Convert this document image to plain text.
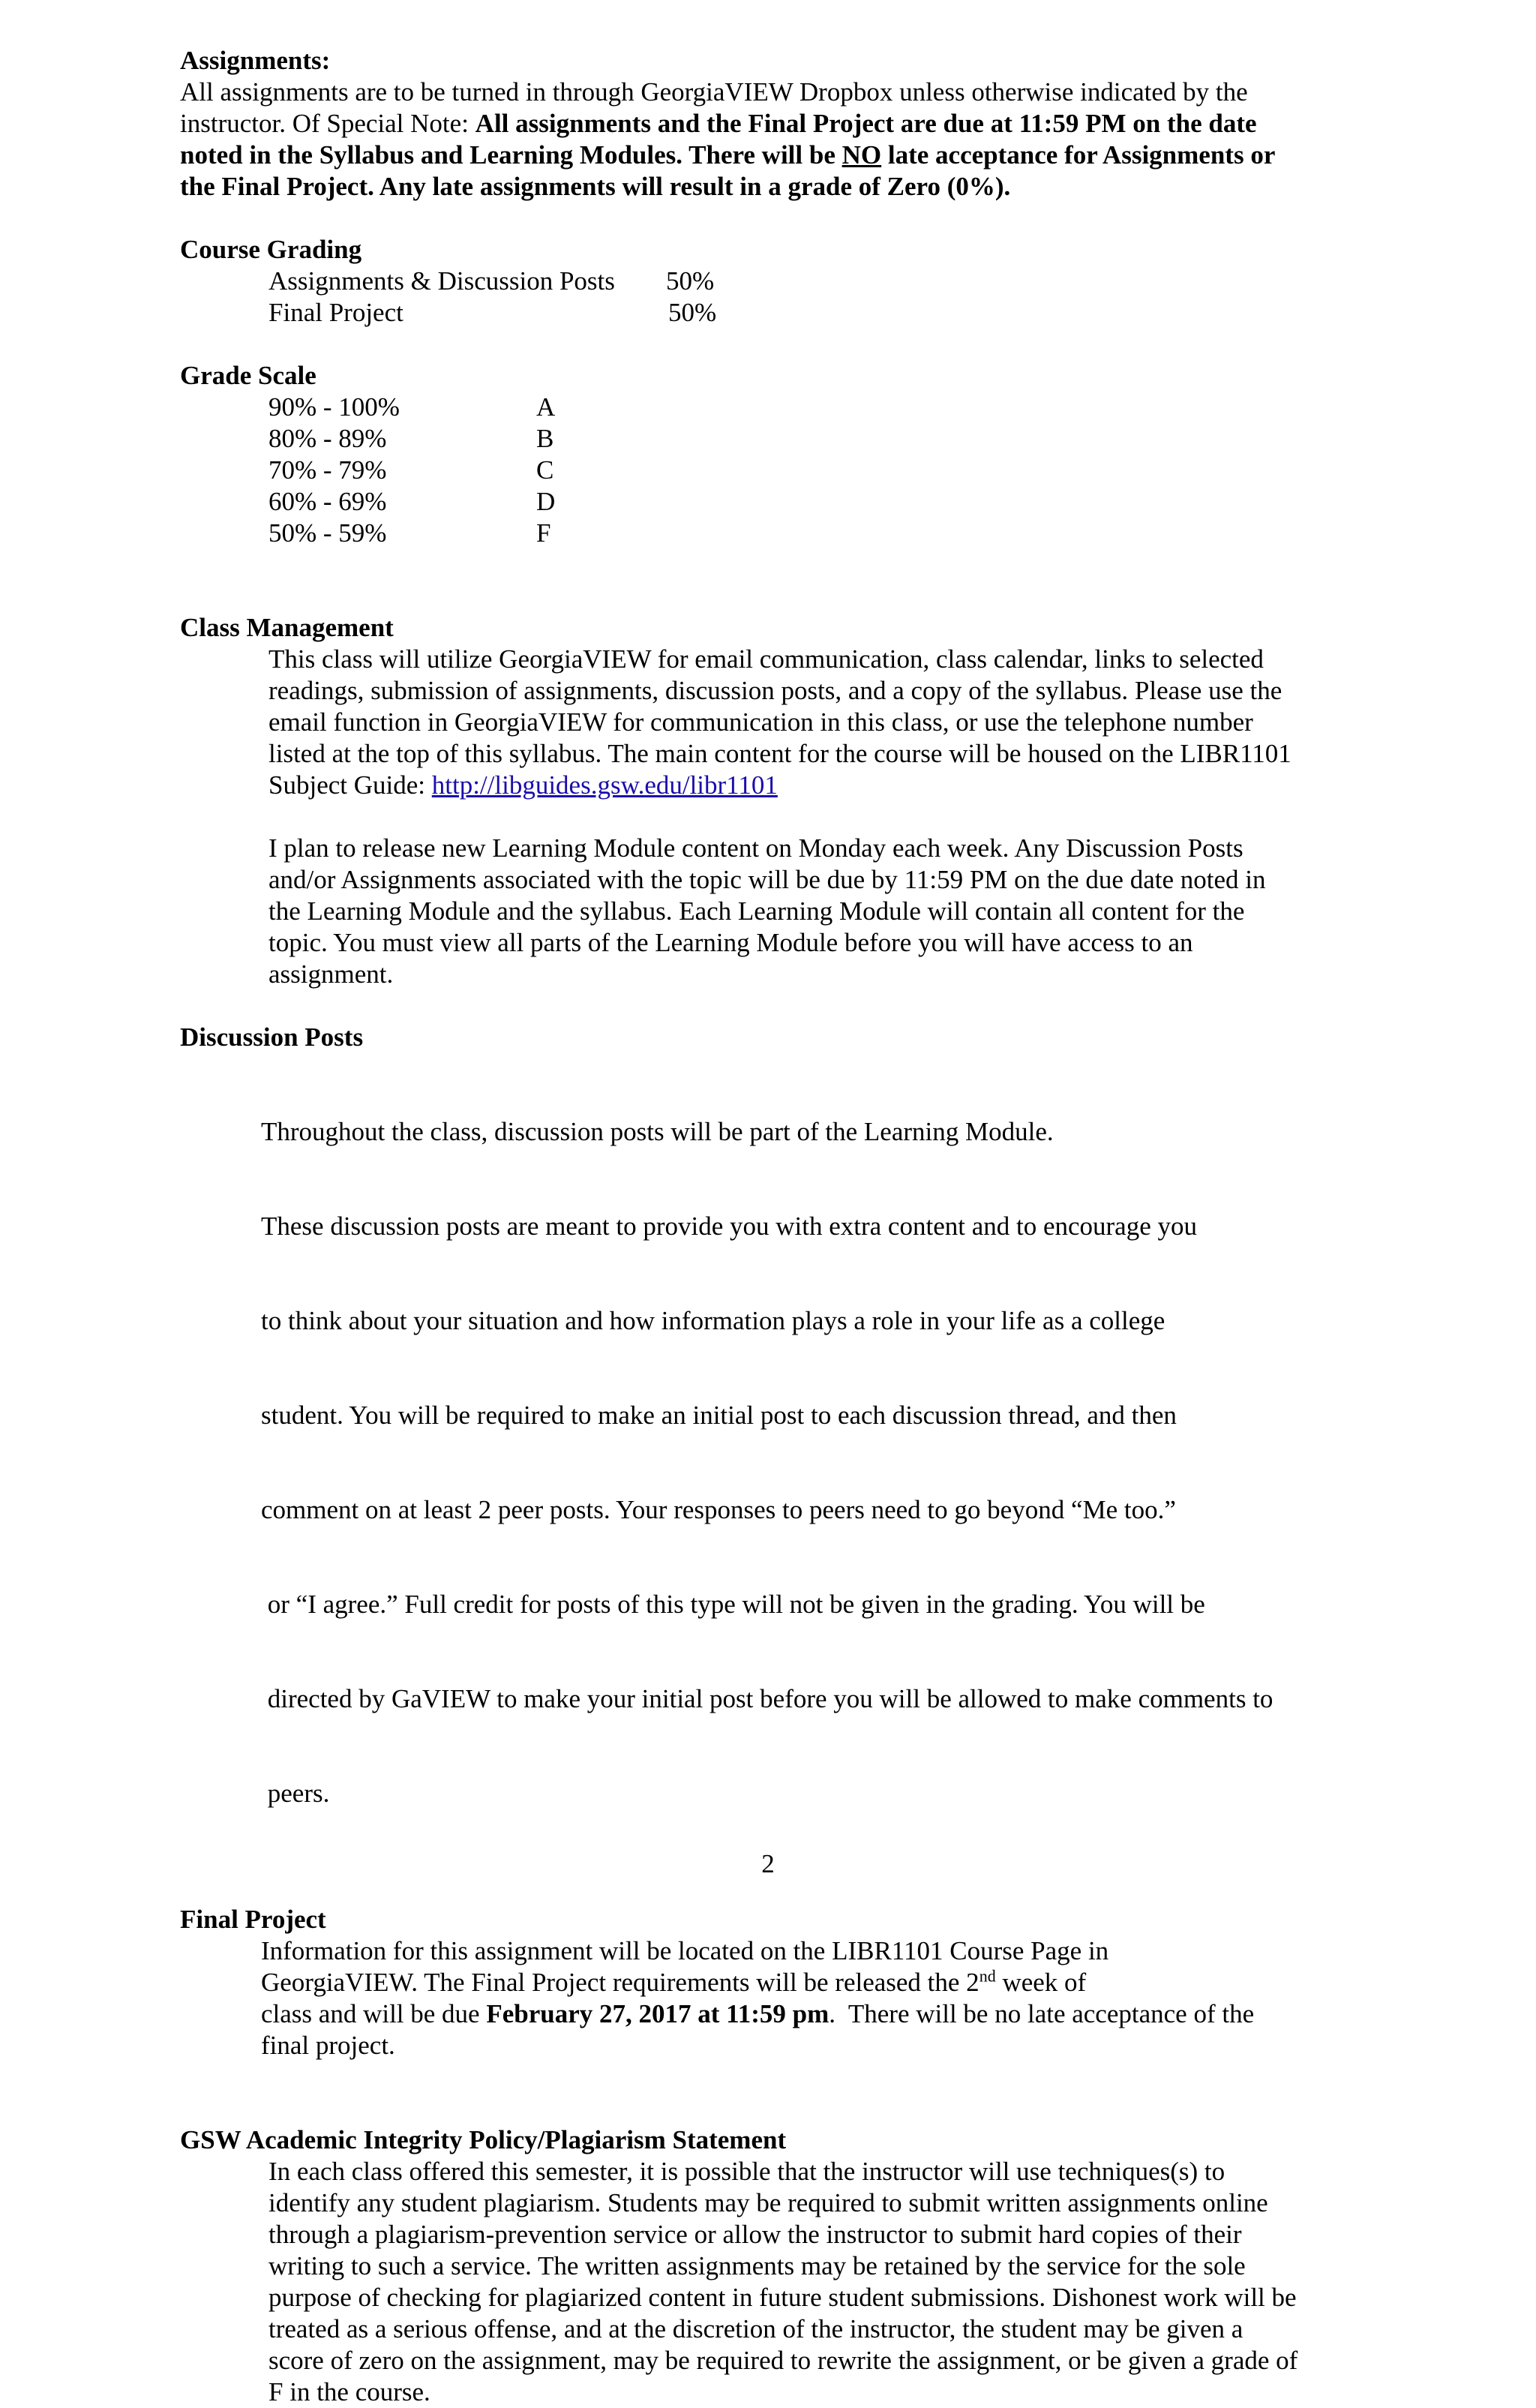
Assignments:

All assignments are to be turned in through GeorgiaVIEW Dropbox unless otherwise indicated by the

instructor. Of Special Note: All assignments and the Final Project are due at 11:59 PM on the date

noted in the Syllabus and Learning Modules. There will be NO late acceptance for Assignments or

the Final Project. Any late assignments will result in a grade of Zero (0%).

Course Grading

Assignments & Discussion Posts	50%
Final Project	50%

Grade Scale

90% - 100%	A
80% - 89%	B
70% - 79%	C
60% - 69%	D
50% - 59%	F

Class Management

This class will utilize GeorgiaVIEW for email communication, class calendar, links to selected

readings, submission of assignments, discussion posts, and a copy of the syllabus. Please use the

email function in GeorgiaVIEW for communication in this class, or use the telephone number

listed at the top of this syllabus. The main content for the course will be housed on the LIBR1101

Subject Guide: http://libguides.gsw.edu/libr1101

I plan to release new Learning Module content on Monday each week. Any Discussion Posts

and/or Assignments associated with the topic will be due by 11:59 PM on the due date noted in

the Learning Module and the syllabus. Each Learning Module will contain all content for the

topic. You must view all parts of the Learning Module before you will have access to an

assignment.

Discussion Posts

Throughout the class, discussion posts will be part of the Learning Module.

These discussion posts are meant to provide you with extra content and to encourage you

to think about your situation and how information plays a role in your life as a college

student. You will be required to make an initial post to each discussion thread, and then

comment on at least 2 peer posts. Your responses to peers need to go beyond “Me too.”

or “I agree.” Full credit for posts of this type will not be given in the grading. You will be

directed by GaVIEW to make your initial post before you will be allowed to make comments to

peers.

Final Project

Information for this assignment will be located on the LIBR1101 Course Page in

GeorgiaVIEW. The Final Project requirements will be released the 2nd week of

class and will be due February 27, 2017 at 11:59 pm.  There will be no late acceptance of the

final project.

GSW Academic Integrity Policy/Plagiarism Statement

In each class offered this semester, it is possible that the instructor will use techniques(s) to

identify any student plagiarism. Students may be required to submit written assignments online

through a plagiarism-prevention service or allow the instructor to submit hard copies of their

writing to such a service. The written assignments may be retained by the service for the sole

purpose of checking for plagiarized content in future student submissions. Dishonest work will be

treated as a serious offense, and at the discretion of the instructor, the student may be given a

score of zero on the assignment, may be required to rewrite the assignment, or be given a grade of

F in the course.

2
